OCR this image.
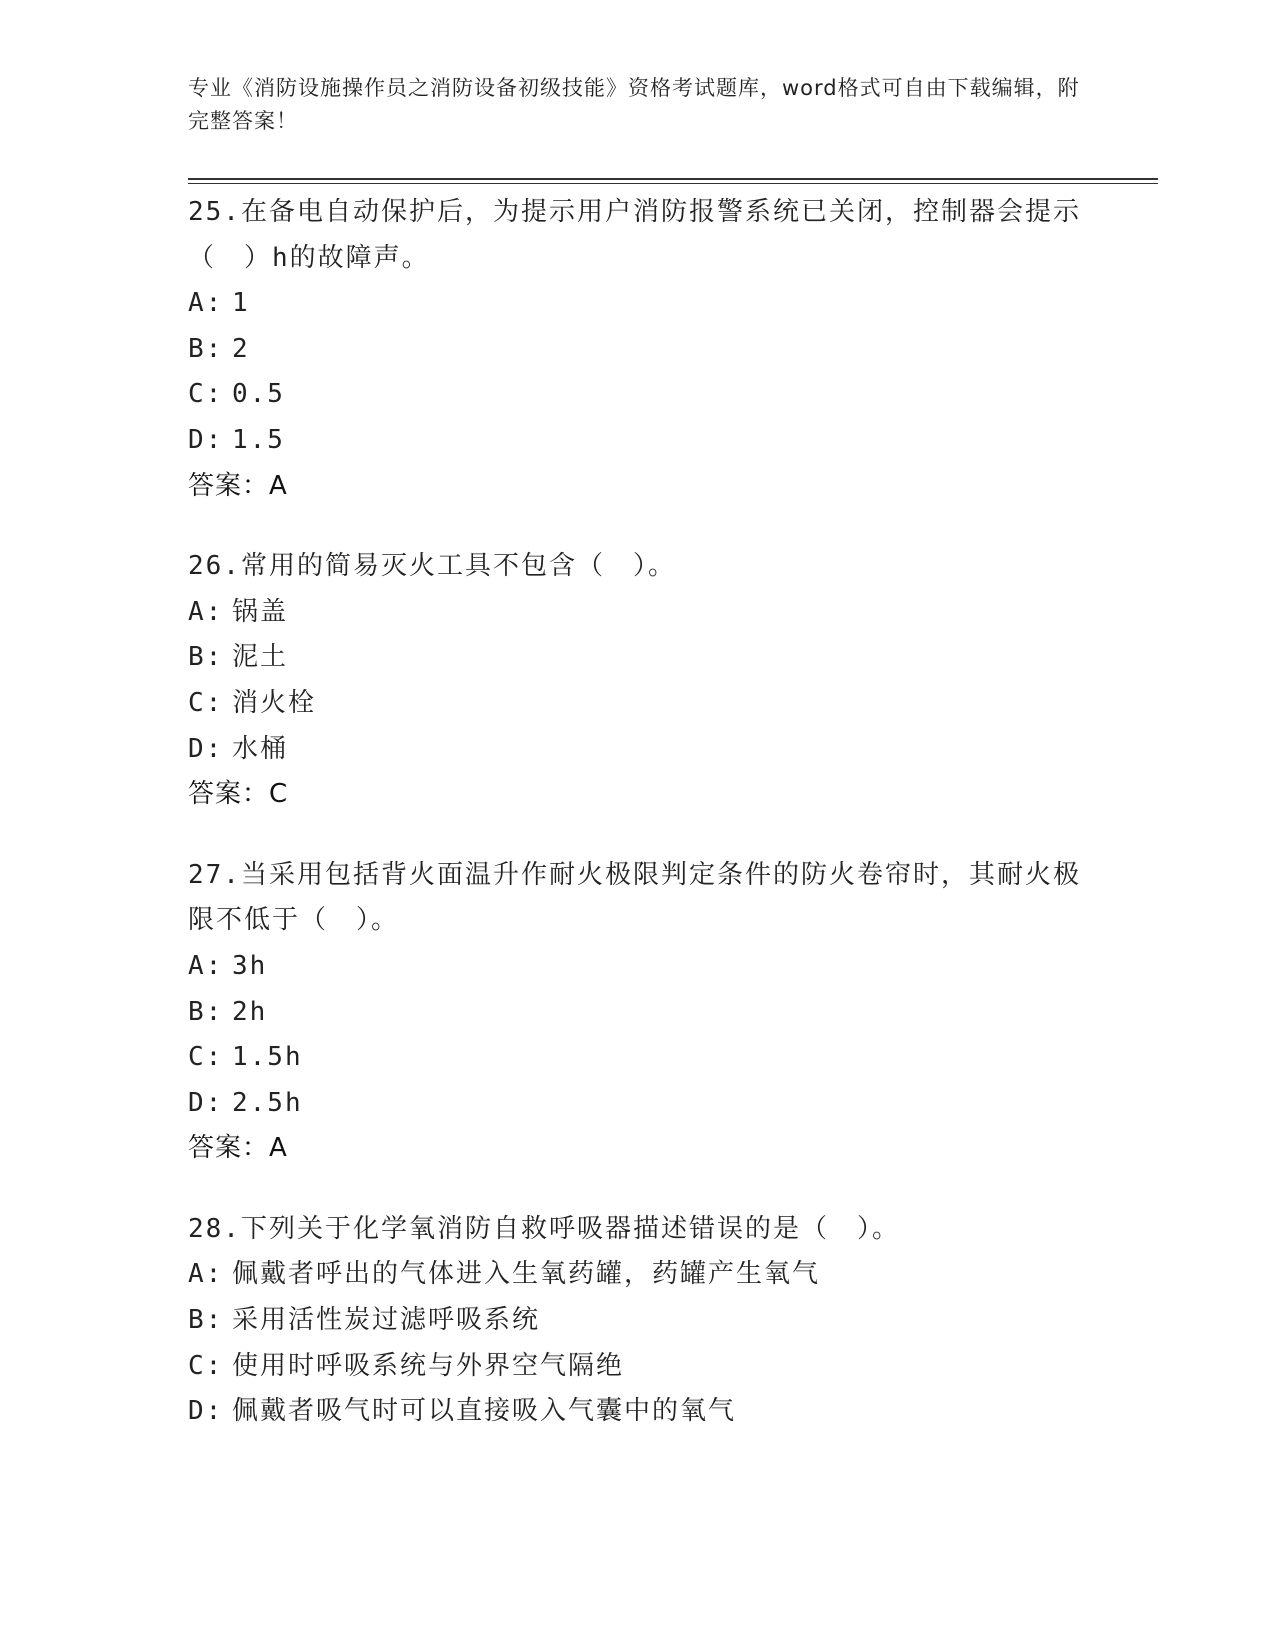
专业《消防设施操作员之消防设备初级技能》资格考试题库，word格式可自由下载编辑，附完整答案！

25.在备电自动保护后，为提示用户消防报警系统已关闭，控制器会提示（　）h的故障声。

A: 1
B: 2
C: 0.5
D: 1.5

答案：A

26.常用的简易灭火工具不包含（　）。

A: 锅盖
B: 泥土
C: 消火栓
D: 水桶

答案：C

27.当采用包括背火面温升作耐火极限判定条件的防火卷帘时，其耐火极限不低于（　）。

A: 3h
B: 2h
C: 1.5h
D: 2.5h

答案：A

28.下列关于化学氧消防自救呼吸器描述错误的是（　）。

A: 佩戴者呼出的气体进入生氧药罐，药罐产生氧气
B: 采用活性炭过滤呼吸系统
C: 使用时呼吸系统与外界空气隔绝
D: 佩戴者吸气时可以直接吸入气囊中的氧气
